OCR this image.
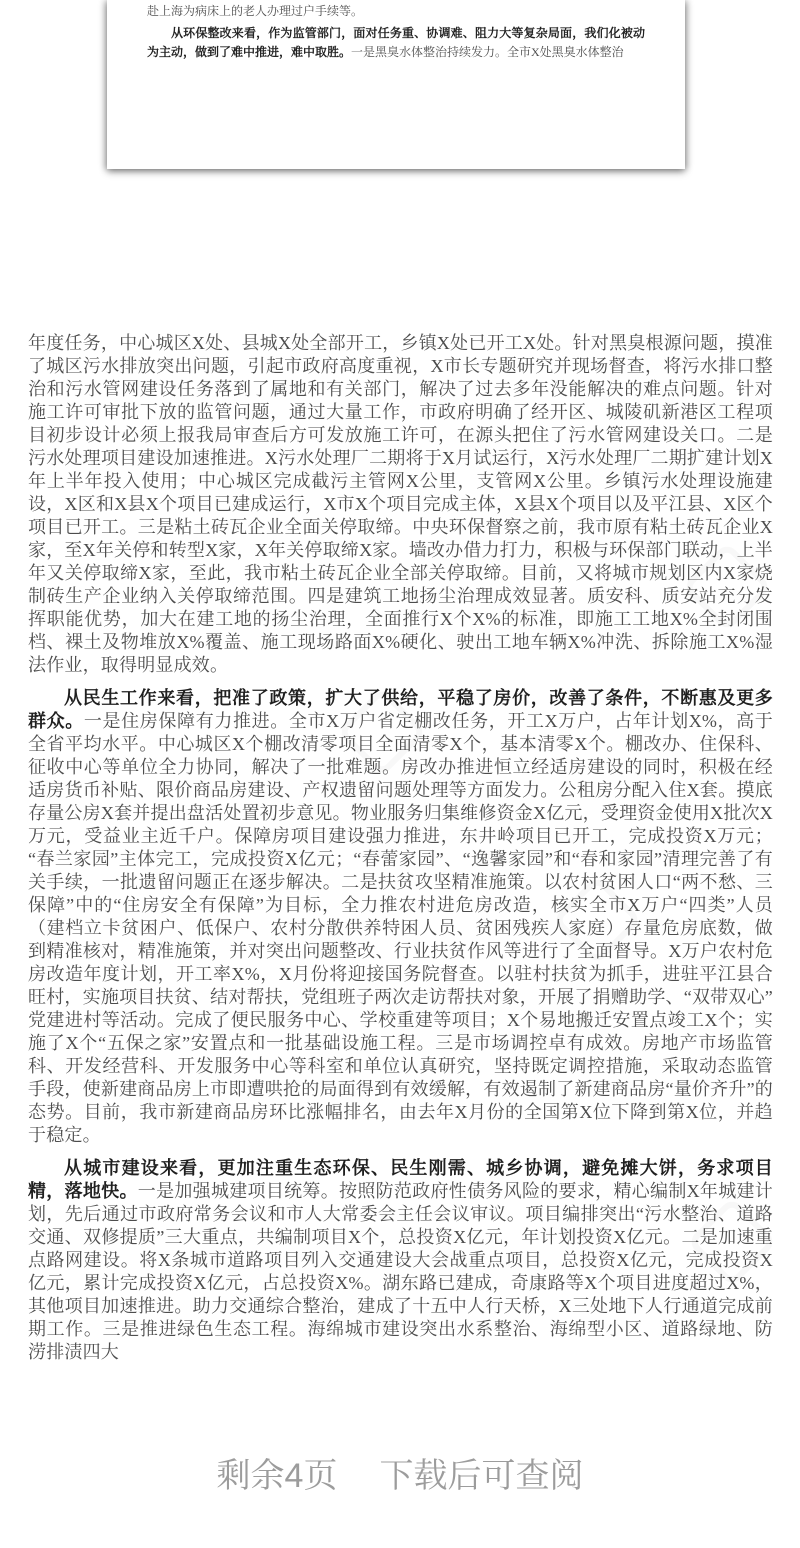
赴上海为病床上的老人办理过户手续等。

从环保整改来看，作为监管部门，面对任务重、协调难、阻力大等复杂局面，我们化被动为主动，做到了难中推进，难中取胜。一是黑臭水体整治持续发力。全市X处黑臭水体整治

年度任务，中心城区X处、县城X处全部开工，乡镇X处已开工X处。针对黑臭根源问题，摸准了城区污水排放突出问题，引起市政府高度重视，X市长专题研究并现场督查，将污水排口整治和污水管网建设任务落到了属地和有关部门，解决了过去多年没能解决的难点问题。针对施工许可审批下放的监管问题，通过大量工作，市政府明确了经开区、城陵矶新港区工程项目初步设计必须上报我局审查后方可发放施工许可，在源头把住了污水管网建设关口。二是污水处理项目建设加速推进。X污水处理厂二期将于X月试运行，X污水处理厂二期扩建计划X年上半年投入使用；中心城区完成截污主管网X公里，支管网X公里。乡镇污水处理设施建设，X区和X县X个项目已建成运行，X市X个项目完成主体，X县X个项目以及平江县、X区个项目已开工。三是粘土砖瓦企业全面关停取缔。中央环保督察之前，我市原有粘土砖瓦企业X家，至X年关停和转型X家，X年关停取缔X家。墙改办借力打力，积极与环保部门联动，上半年又关停取缔X家，至此，我市粘土砖瓦企业全部关停取缔。目前，又将城市规划区内X家烧制砖生产企业纳入关停取缔范围。四是建筑工地扬尘治理成效显著。质安科、质安站充分发挥职能优势，加大在建工地的扬尘治理，全面推行X个X%的标准，即施工工地X%全封闭围档、裸土及物堆放X%覆盖、施工现场路面X%硬化、驶出工地车辆X%冲洗、拆除施工X%湿法作业，取得明显成效。

从民生工作来看，把准了政策，扩大了供给，平稳了房价，改善了条件，不断惠及更多群众。一是住房保障有力推进。全市X万户省定棚改任务，开工X万户，占年计划X%，高于全省平均水平。中心城区X个棚改清零项目全面清零X个，基本清零X个。棚改办、住保科、征收中心等单位全力协同，解决了一批难题。房改办推进恒立经适房建设的同时，积极在经适房货币补贴、限价商品房建设、产权遗留问题处理等方面发力。公租房分配入住X套。摸底存量公房X套并提出盘活处置初步意见。物业服务归集维修资金X亿元，受理资金使用X批次X万元，受益业主近千户。保障房项目建设强力推进，东井岭项目已开工，完成投资X万元；“春兰家园”主体完工，完成投资X亿元；“春蕾家园”、“逸馨家园”和“春和家园”清理完善了有关手续，一批遗留问题正在逐步解决。二是扶贫攻坚精准施策。以农村贫困人口“两不愁、三保障”中的“住房安全有保障”为目标，全力推农村进危房改造，核实全市X万户“四类”人员（建档立卡贫困户、低保户、农村分散供养特困人员、贫困残疾人家庭）存量危房底数，做到精准核对，精准施策，并对突出问题整改、行业扶贫作风等进行了全面督导。X万户农村危房改造年度计划，开工率X%，X月份将迎接国务院督查。以驻村扶贫为抓手，进驻平江县合旺村，实施项目扶贫、结对帮扶，党组班子两次走访帮扶对象，开展了捐赠助学、“双带双心”党建进村等活动。完成了便民服务中心、学校重建等项目；X个易地搬迁安置点竣工X个；实施了X个“五保之家”安置点和一批基础设施工程。三是市场调控卓有成效。房地产市场监管科、开发经营科、开发服务中心等科室和单位认真研究，坚持既定调控措施，采取动态监管手段，使新建商品房上市即遭哄抢的局面得到有效缓解，有效遏制了新建商品房“量价齐升”的态势。目前，我市新建商品房环比涨幅排名，由去年X月份的全国第X位下降到第X位，并趋于稳定。

从城市建设来看，更加注重生态环保、民生刚需、城乡协调，避免摊大饼，务求项目精，落地快。一是加强城建项目统筹。按照防范政府性债务风险的要求，精心编制X年城建计划，先后通过市政府常务会议和市人大常委会主任会议审议。项目编排突出“污水整治、道路交通、双修提质”三大重点，共编制项目X个，总投资X亿元，年计划投资X亿元。二是加速重点路网建设。将X条城市道路项目列入交通建设大会战重点项目，总投资X亿元，完成投资X亿元，累计完成投资X亿元，占总投资X%。湖东路已建成，奇康路等X个项目进度超过X%，其他项目加速推进。助力交通综合整治，建成了十五中人行天桥，X三处地下人行通道完成前期工作。三是推进绿色生态工程。海绵城市建设突出水系整治、海绵型小区、道路绿地、防涝排渍四大

剩余4页 下载后可查阅
